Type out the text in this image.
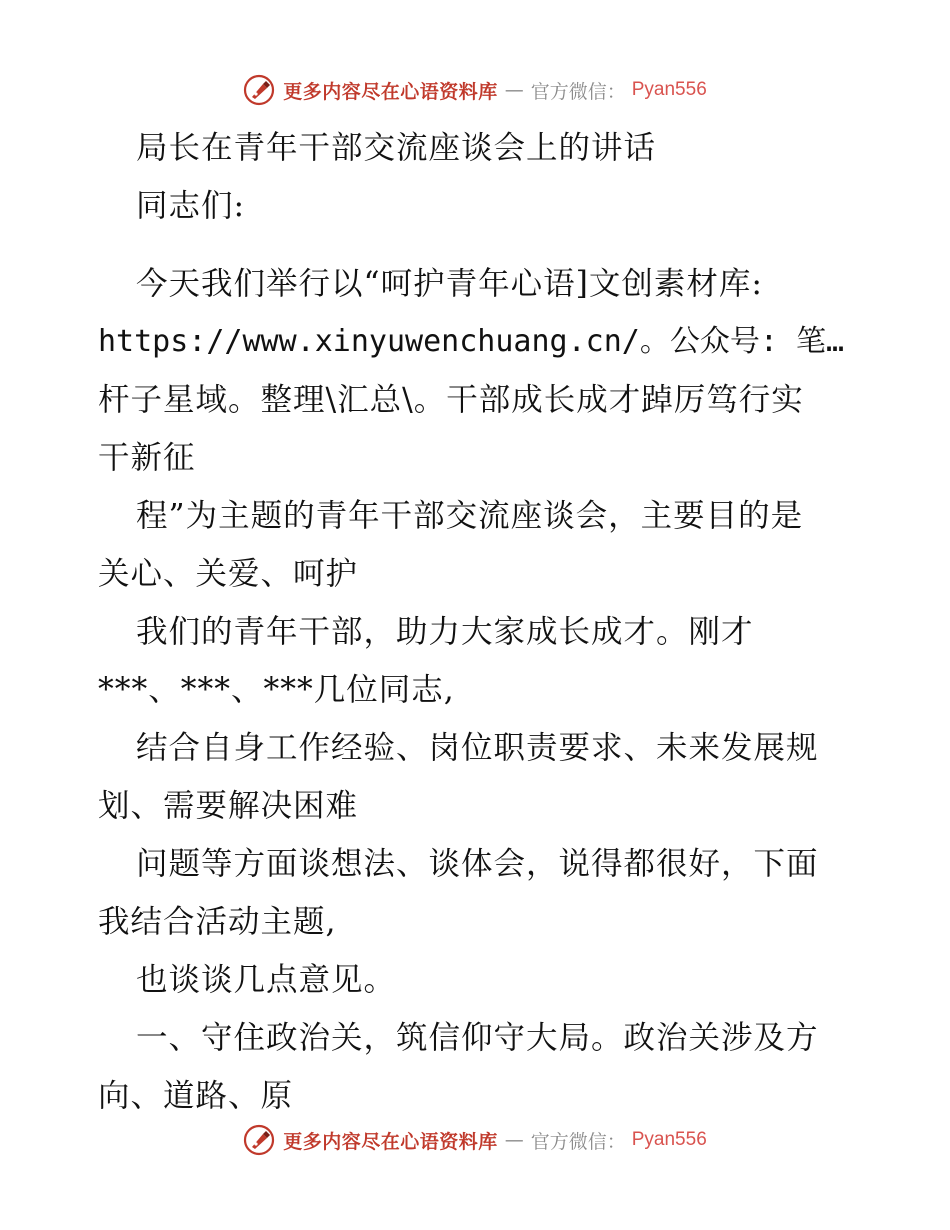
更多内容尽在心语资料库 — 官方微信： Pyan556
局长在青年干部交流座谈会上的讲话
同志们:
今天我们举行以“呵护青年心语]文创素材库:
https://www.xinyuwenchuang.cn/。公众号: 笔…
杆子星域。整理\汇总\。干部成长成才踔厉笃行实
干新征
程”为主题的青年干部交流座谈会，主要目的是
关心、关爱、呵护
我们的青年干部，助力大家成长成才。刚才
***、***、***几位同志,
结合自身工作经验、岗位职责要求、未来发展规
划、需要解决困难
问题等方面谈想法、谈体会，说得都很好，下面
我结合活动主题,
也谈谈几点意见。
一、守住政治关，筑信仰守大局。政治关涉及方
向、道路、原
更多内容尽在心语资料库 — 官方微信： Pyan556
